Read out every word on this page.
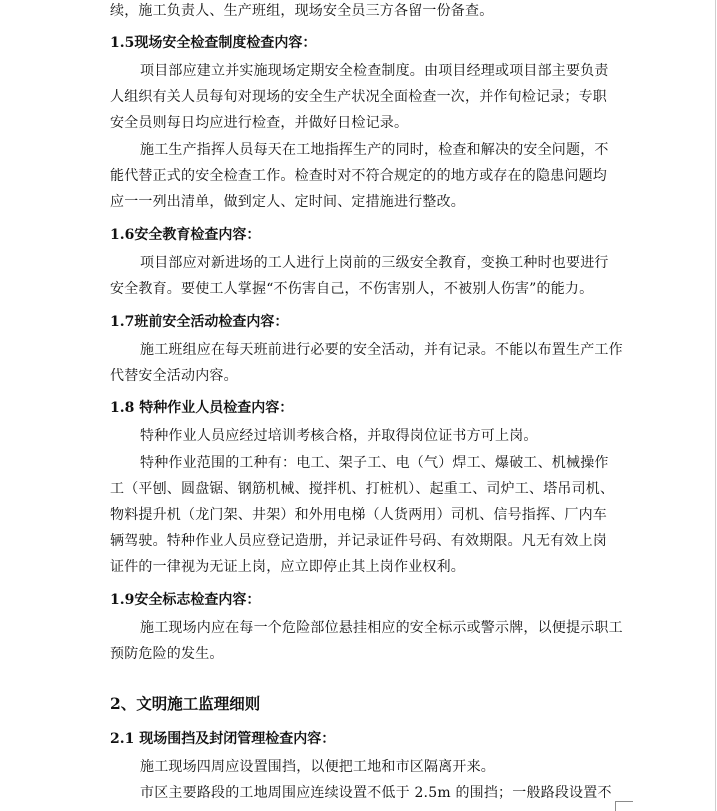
续，施工负责人、生产班组，现场安全员三方各留一份备查。
1.5现场安全检查制度检查内容：
项目部应建立并实施现场定期安全检查制度。由项目经理或项目部主要负责
人组织有关人员每旬对现场的安全生产状况全面检查一次，并作旬检记录；专职
安全员则每日均应进行检查，并做好日检记录。
施工生产指挥人员每天在工地指挥生产的同时，检查和解决的安全问题，不
能代替正式的安全检查工作。检查时对不符合规定的的地方或存在的隐患问题均
应一一列出清单，做到定人、定时间、定措施进行整改。
1.6安全教育检查内容：
项目部应对新进场的工人进行上岗前的三级安全教育，变换工种时也要进行
安全教育。要使工人掌握“不伤害自己，不伤害别人，不被别人伤害”的能力。
1.7班前安全活动检查内容：
施工班组应在每天班前进行必要的安全活动，并有记录。不能以布置生产工作
代替安全活动内容。
1.8 特种作业人员检查内容：
特种作业人员应经过培训考核合格，并取得岗位证书方可上岗。
特种作业范围的工种有：电工、架子工、电（气）焊工、爆破工、机械操作
工（平刨、圆盘锯、钢筋机械、搅拌机、打桩机）、起重工、司炉工、塔吊司机、
物料提升机（龙门架、井架）和外用电梯（人货两用）司机、信号指挥、厂内车
辆驾驶。特种作业人员应登记造册，并记录证件号码、有效期限。凡无有效上岗
证件的一律视为无证上岗，应立即停止其上岗作业权利。
1.9安全标志检查内容：
施工现场内应在每一个危险部位悬挂相应的安全标示或警示牌，以便提示职工
预防危险的发生。
2、文明施工监理细则
2.1 现场围挡及封闭管理检查内容：
施工现场四周应设置围挡，以便把工地和市区隔离开来。
市区主要路段的工地周围应连续设置不低于 2.5m 的围挡；一般路段设置不
